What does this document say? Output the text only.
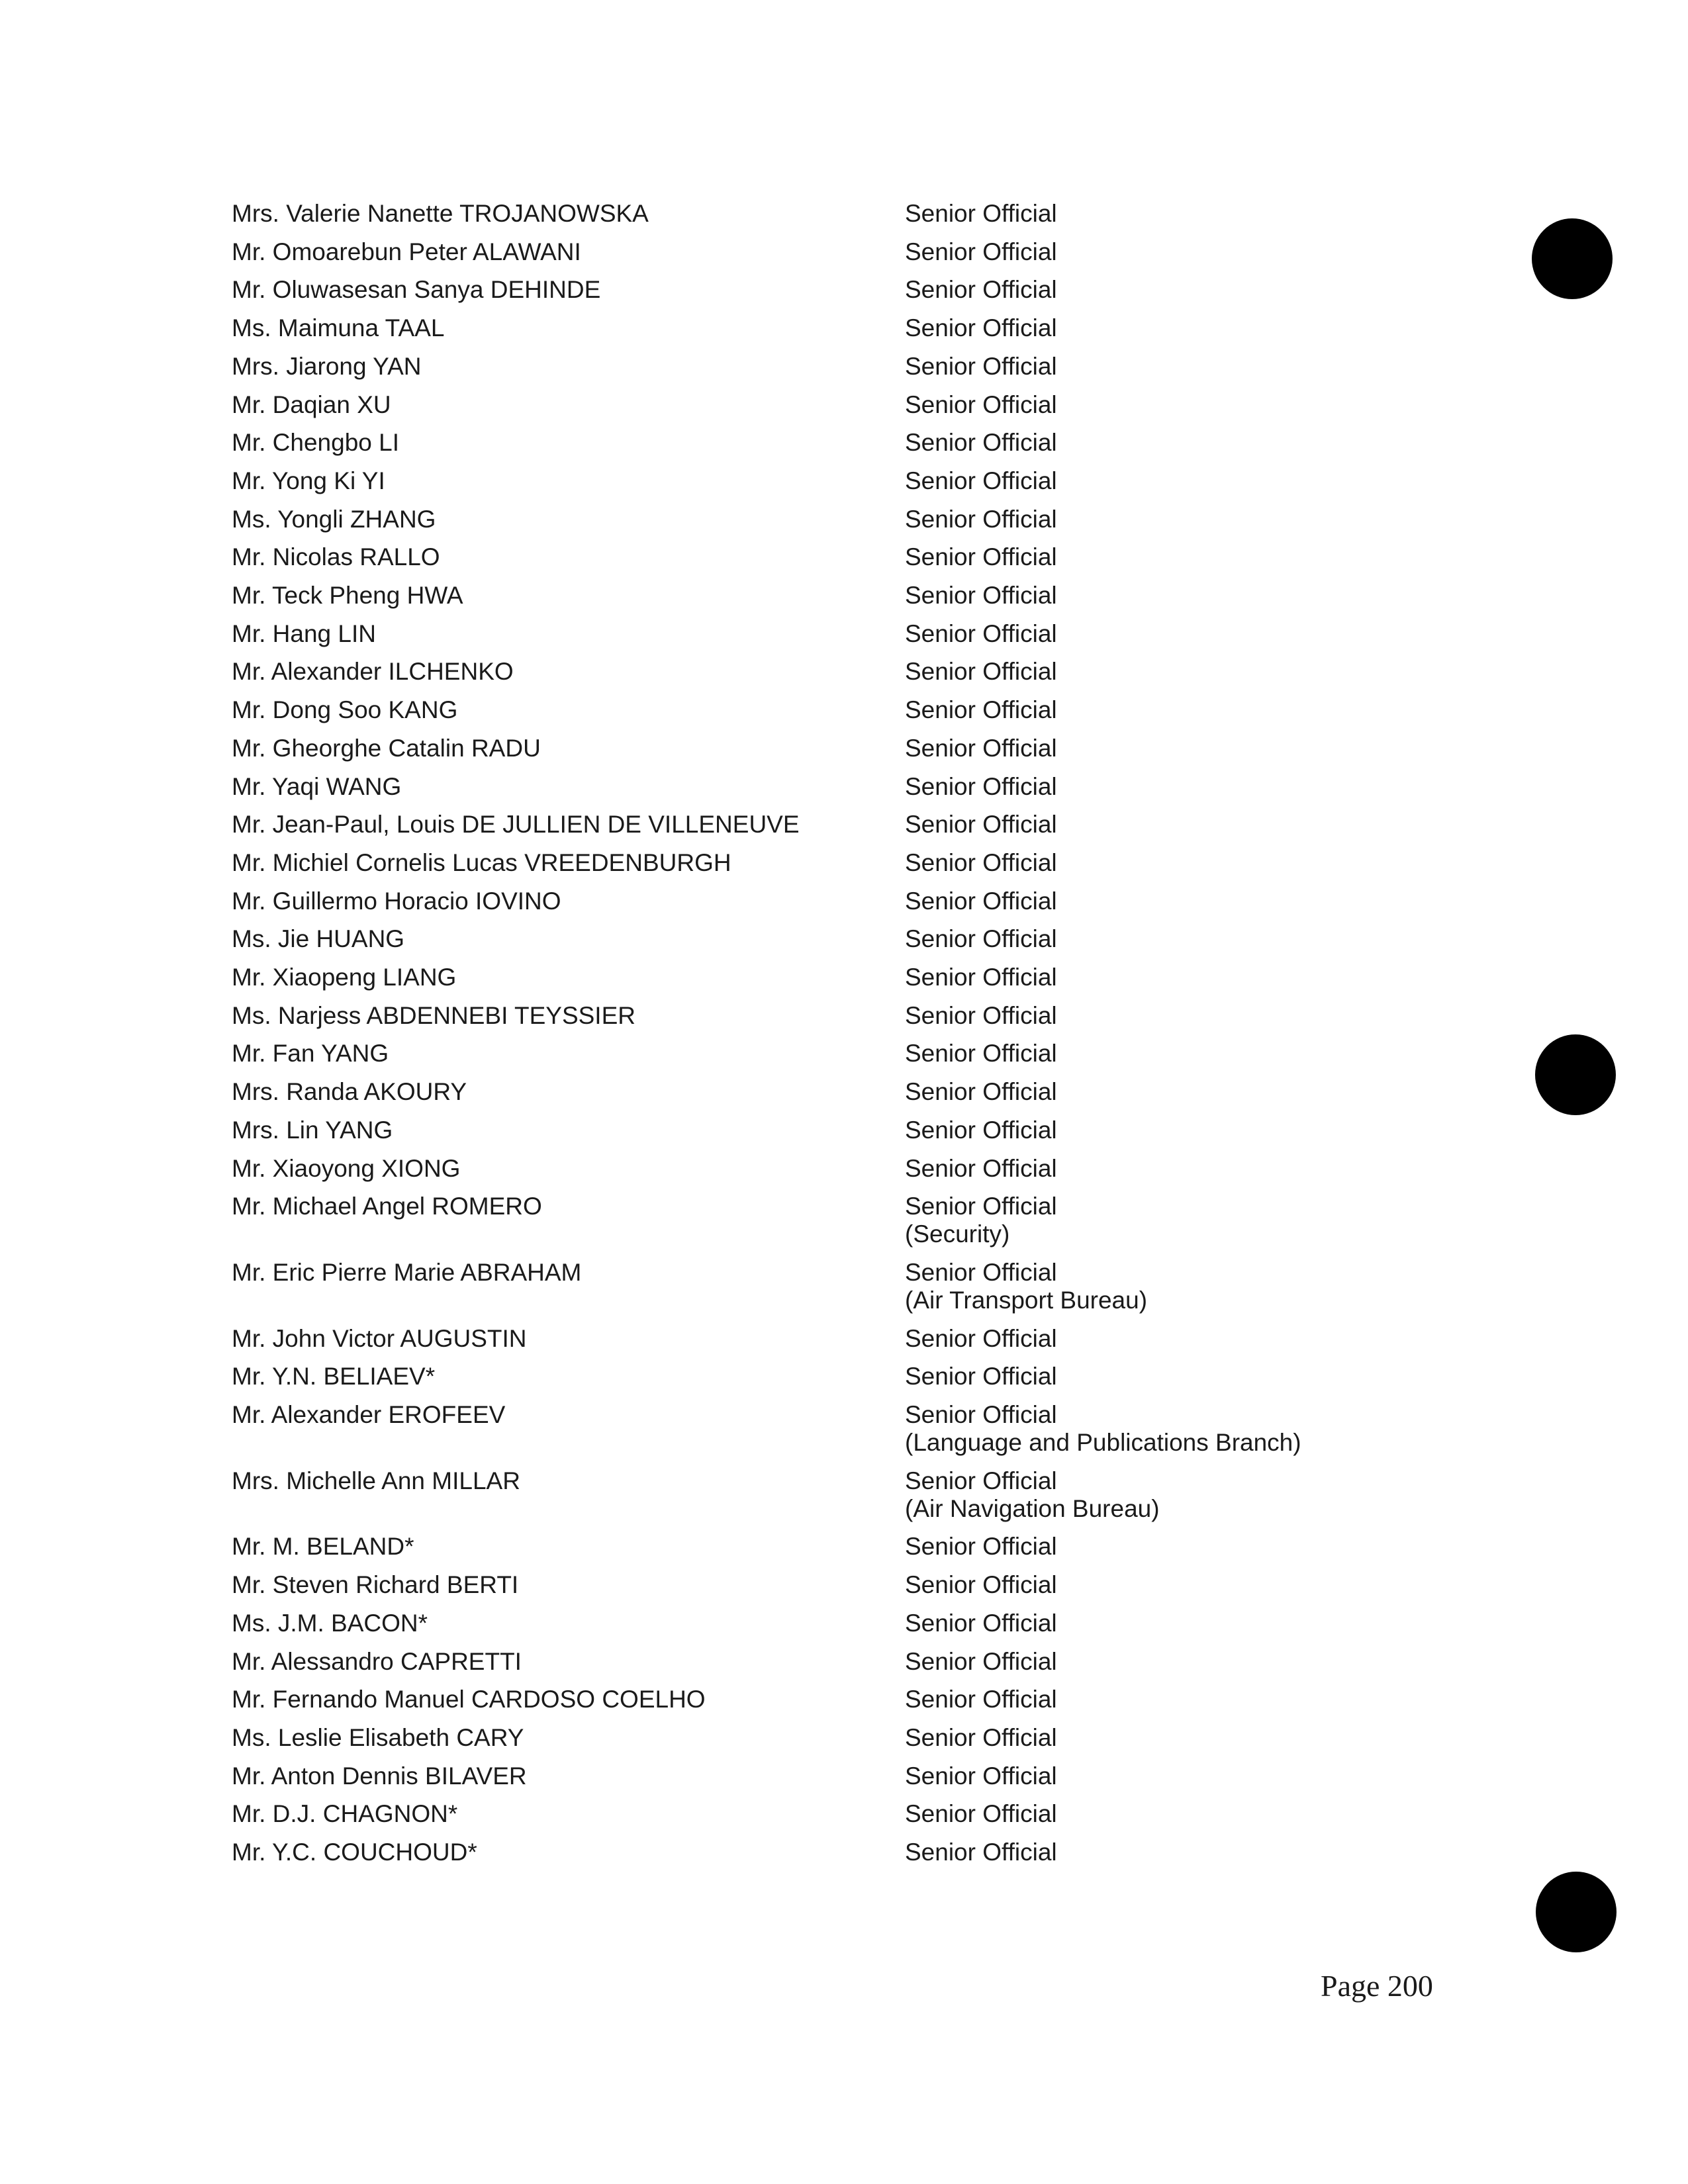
Mrs. Valerie Nanette TROJANOWSKA	Senior Official
Mr. Omoarebun Peter ALAWANI	Senior Official
Mr. Oluwasesan Sanya DEHINDE	Senior Official
Ms. Maimuna TAAL	Senior Official
Mrs. Jiarong YAN	Senior Official
Mr. Daqian XU	Senior Official
Mr. Chengbo LI	Senior Official
Mr. Yong Ki YI	Senior Official
Ms. Yongli ZHANG	Senior Official
Mr. Nicolas RALLO	Senior Official
Mr. Teck Pheng HWA	Senior Official
Mr. Hang LIN	Senior Official
Mr. Alexander ILCHENKO	Senior Official
Mr. Dong Soo KANG	Senior Official
Mr. Gheorghe Catalin RADU	Senior Official
Mr. Yaqi WANG	Senior Official
Mr. Jean-Paul, Louis DE JULLIEN DE VILLENEUVE	Senior Official
Mr. Michiel Cornelis Lucas VREEDENBURGH	Senior Official
Mr. Guillermo Horacio IOVINO	Senior Official
Ms. Jie HUANG	Senior Official
Mr. Xiaopeng LIANG	Senior Official
Ms. Narjess ABDENNEBI TEYSSIER	Senior Official
Mr. Fan YANG	Senior Official
Mrs. Randa AKOURY	Senior Official
Mrs. Lin YANG	Senior Official
Mr. Xiaoyong XIONG	Senior Official
Mr. Michael Angel ROMERO	Senior Official
(Security)
Mr. Eric Pierre Marie ABRAHAM	Senior Official
(Air Transport Bureau)
Mr. John Victor AUGUSTIN	Senior Official
Mr. Y.N. BELIAEV*	Senior Official
Mr. Alexander EROFEEV	Senior Official
(Language and Publications Branch)
Mrs. Michelle Ann MILLAR	Senior Official
(Air Navigation Bureau)
Mr. M. BELAND*	Senior Official
Mr. Steven Richard BERTI	Senior Official
Ms. J.M. BACON*	Senior Official
Mr. Alessandro CAPRETTI	Senior Official
Mr. Fernando Manuel CARDOSO COELHO	Senior Official
Ms. Leslie Elisabeth CARY	Senior Official
Mr. Anton Dennis BILAVER	Senior Official
Mr. D.J. CHAGNON*	Senior Official
Mr. Y.C. COUCHOUD*	Senior Official
Page 200
